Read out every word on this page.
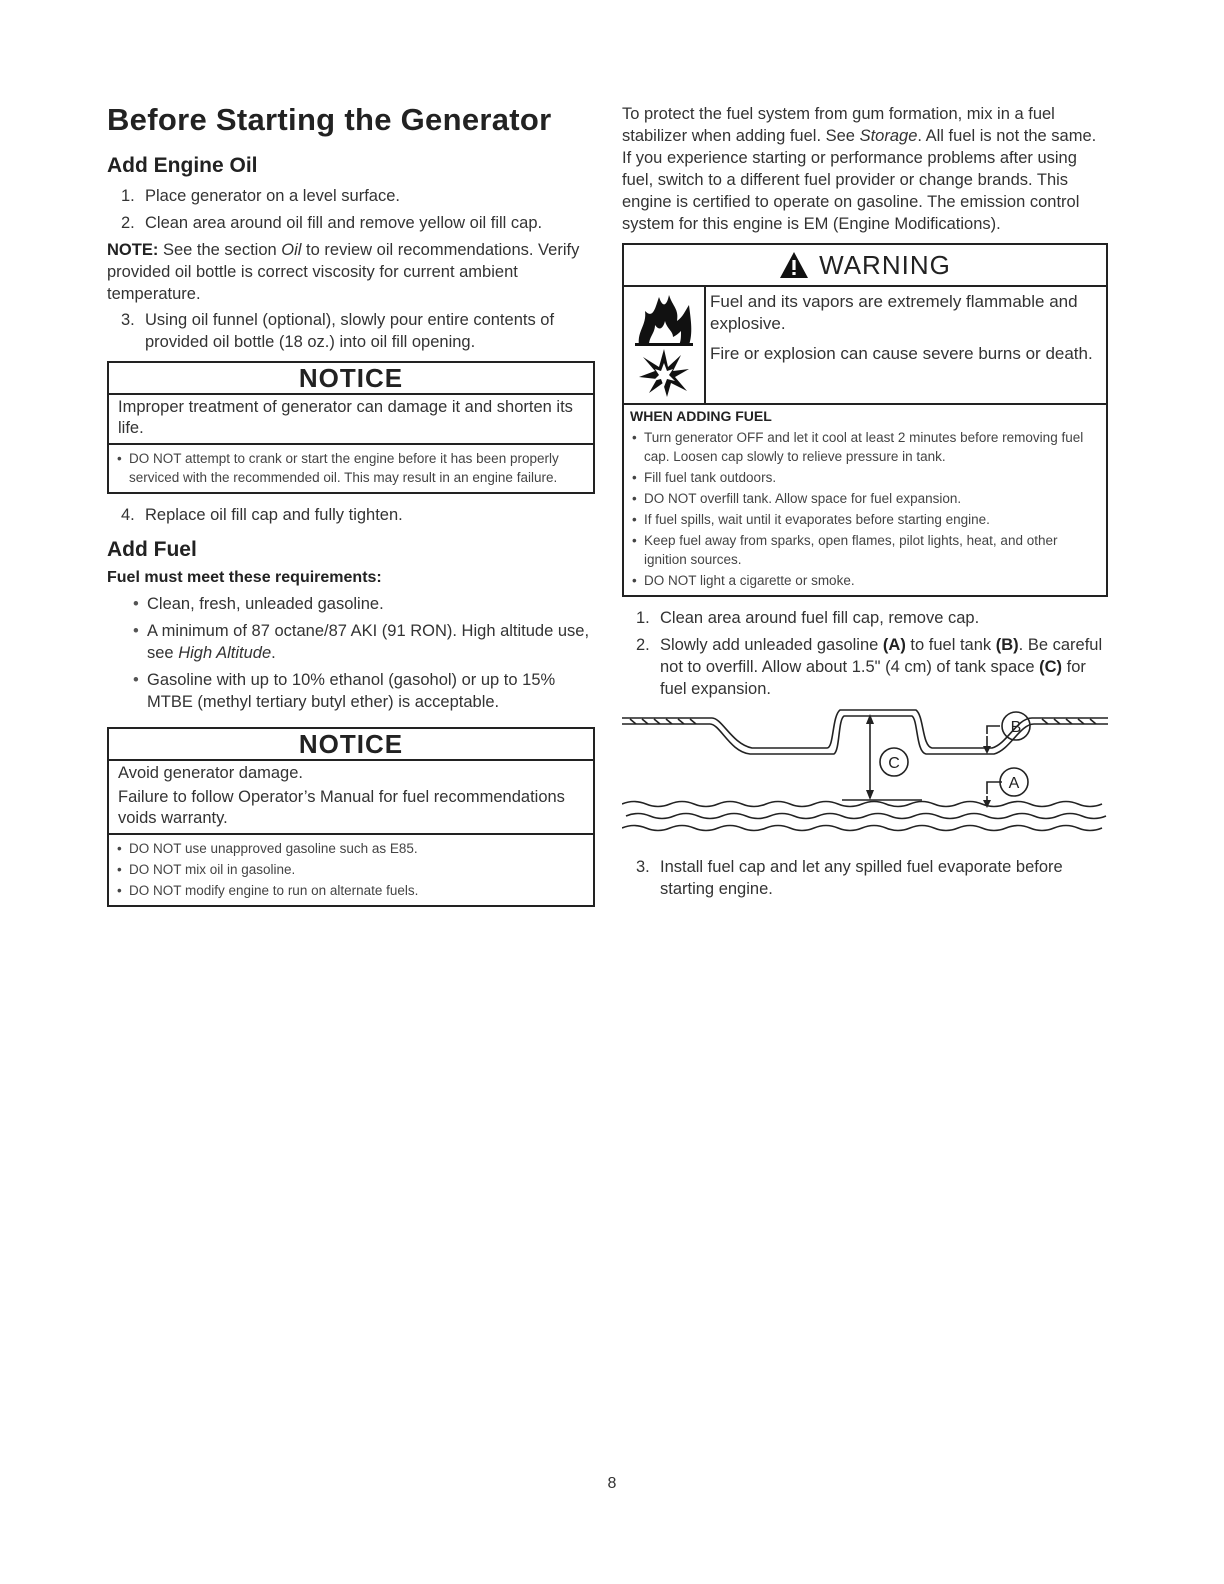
Before Starting the Generator
Add Engine Oil
1. Place generator on a level surface.
2. Clean area around oil fill and remove yellow oil fill cap.
NOTE: See the section Oil to review oil recommendations. Verify provided oil bottle is correct viscosity for current ambient temperature.
3. Using oil funnel (optional), slowly pour entire contents of provided oil bottle (18 oz.) into oil fill opening.
NOTICE
Improper treatment of generator can damage it and shorten its life.
• DO NOT attempt to crank or start the engine before it has been properly serviced with the recommended oil. This may result in an engine failure.
4. Replace oil fill cap and fully tighten.
Add Fuel
Fuel must meet these requirements:
• Clean, fresh, unleaded gasoline.
• A minimum of 87 octane/87 AKI (91 RON). High altitude use, see High Altitude.
• Gasoline with up to 10% ethanol (gasohol) or up to 15% MTBE (methyl tertiary butyl ether) is acceptable.
NOTICE
Avoid generator damage.
Failure to follow Operator’s Manual for fuel recommendations voids warranty.
• DO NOT use unapproved gasoline such as E85.
• DO NOT mix oil in gasoline.
• DO NOT modify engine to run on alternate fuels.
To protect the fuel system from gum formation, mix in a fuel stabilizer when adding fuel. See Storage. All fuel is not the same. If you experience starting or performance problems after using fuel, switch to a different fuel provider or change brands. This engine is certified to operate on gasoline. The emission control system for this engine is EM (Engine Modifications).
WARNING
Fuel and its vapors are extremely flammable and explosive.
Fire or explosion can cause severe burns or death.
WHEN ADDING FUEL
• Turn generator OFF and let it cool at least 2 minutes before removing fuel cap. Loosen cap slowly to relieve pressure in tank.
• Fill fuel tank outdoors.
• DO NOT overfill tank. Allow space for fuel expansion.
• If fuel spills, wait until it evaporates before starting engine.
• Keep fuel away from sparks, open flames, pilot lights, heat, and other ignition sources.
• DO NOT light a cigarette or smoke.
1. Clean area around fuel fill cap, remove cap.
2. Slowly add unleaded gasoline (A) to fuel tank (B). Be careful not to overfill. Allow about 1.5" (4 cm) of tank space (C) for fuel expansion.
B
A
C
3. Install fuel cap and let any spilled fuel evaporate before starting engine.
8
